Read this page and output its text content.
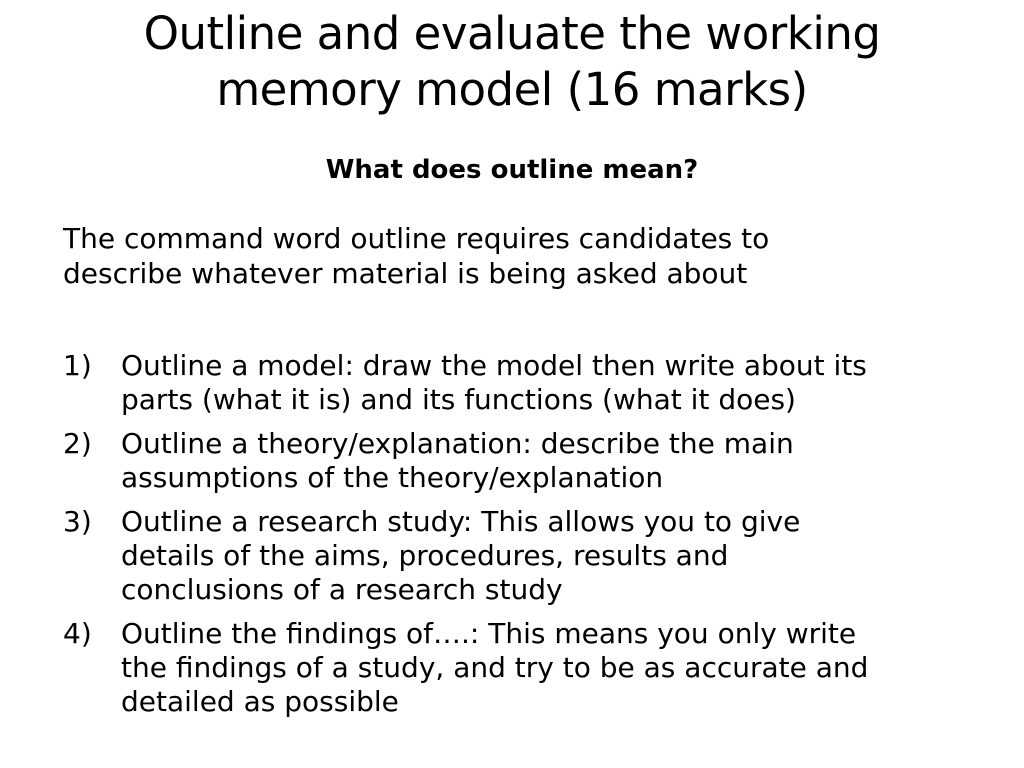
Outline and evaluate the working
memory model (16 marks)
What does outline mean?

The command word outline requires candidates to
describe whatever material is being asked about

1)	Outline a model: draw the model then write about its
parts (what it is) and its functions (what it does)
2)	Outline a theory/explanation: describe the main
assumptions of the theory/explanation
3)	Outline a research study: This allows you to give
details of the aims, procedures, results and
conclusions of a research study
4)	Outline the findings of….: This means you only write
the findings of a study, and try to be as accurate and
detailed as possible
